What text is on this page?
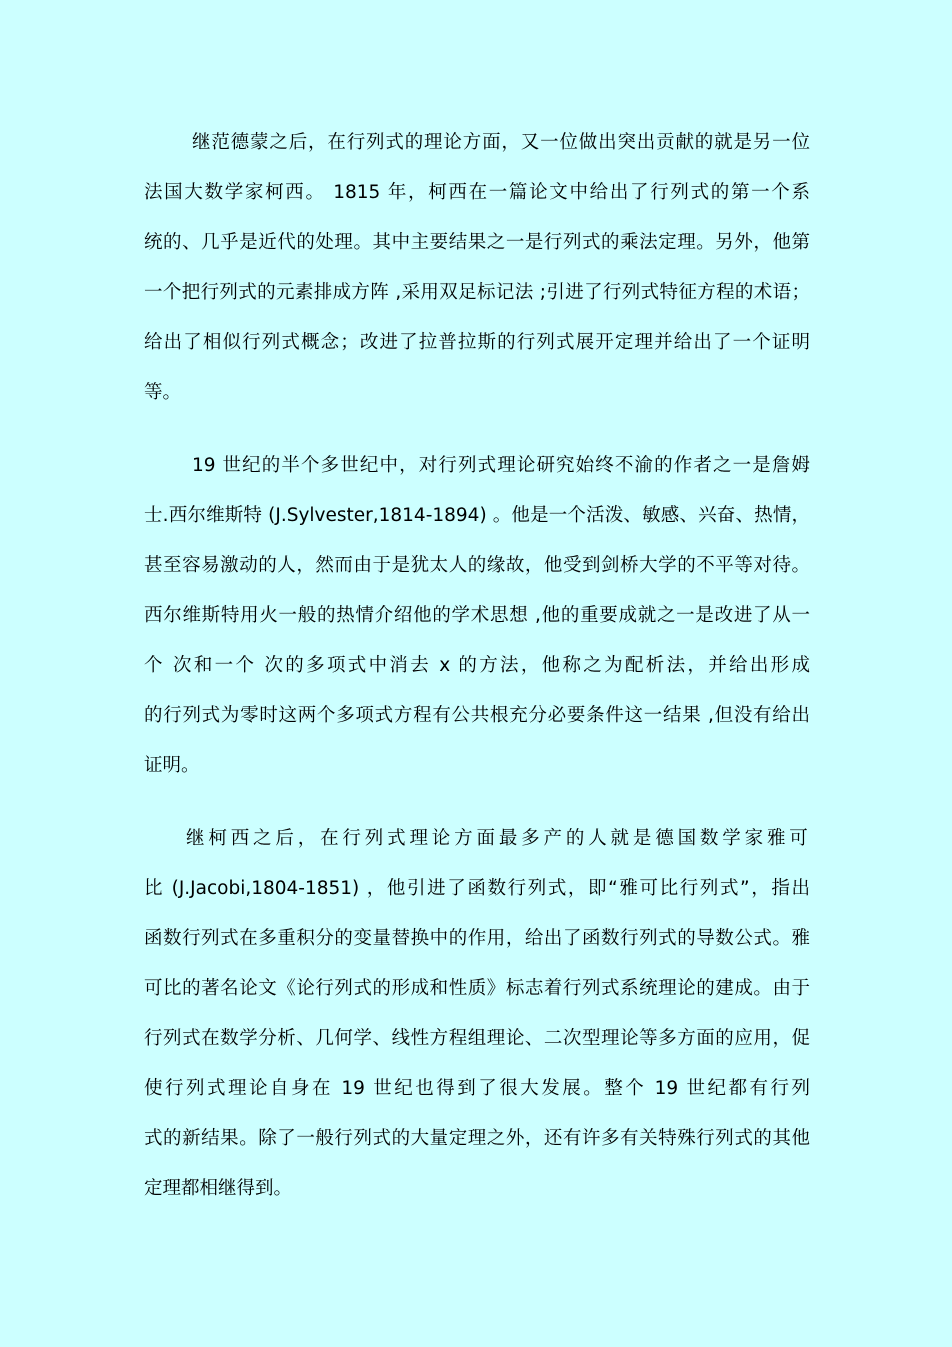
继范德蒙之后，在行列式的理论方面，又一位做出突出贡献的就是另一位
法国大数学家柯西。 1815 年，柯西在一篇论文中给出了行列式的第一个系
统的、几乎是近代的处理。其中主要结果之一是行列式的乘法定理。另外，他第
一个把行列式的元素排成方阵 ,采用双足标记法 ;引进了行列式特征方程的术语；
给出了相似行列式概念；改进了拉普拉斯的行列式展开定理并给出了一个证明
等。
19 世纪的半个多世纪中，对行列式理论研究始终不渝的作者之一是詹姆
士.西尔维斯特 (J.Sylvester,1814-1894) 。他是一个活泼、敏感、兴奋、热情，
甚至容易激动的人，然而由于是犹太人的缘故，他受到剑桥大学的不平等对待。
西尔维斯特用火一般的热情介绍他的学术思想 ,他的重要成就之一是改进了从一
个 次和一个 次的多项式中消去 x 的方法，他称之为配析法，并给出形成
的行列式为零时这两个多项式方程有公共根充分必要条件这一结果 ,但没有给出
证明。
继柯西之后，在行列式理论方面最多产的人就是德国数学家雅可
比 (J.Jacobi,1804-1851) ，他引进了函数行列式，即“雅可比行列式”，指出
函数行列式在多重积分的变量替换中的作用，给出了函数行列式的导数公式。雅
可比的著名论文《论行列式的形成和性质》标志着行列式系统理论的建成。由于
行列式在数学分析、几何学、线性方程组理论、二次型理论等多方面的应用，促
使行列式理论自身在 19 世纪也得到了很大发展。整个 19 世纪都有行列
式的新结果。除了一般行列式的大量定理之外，还有许多有关特殊行列式的其他
定理都相继得到。
